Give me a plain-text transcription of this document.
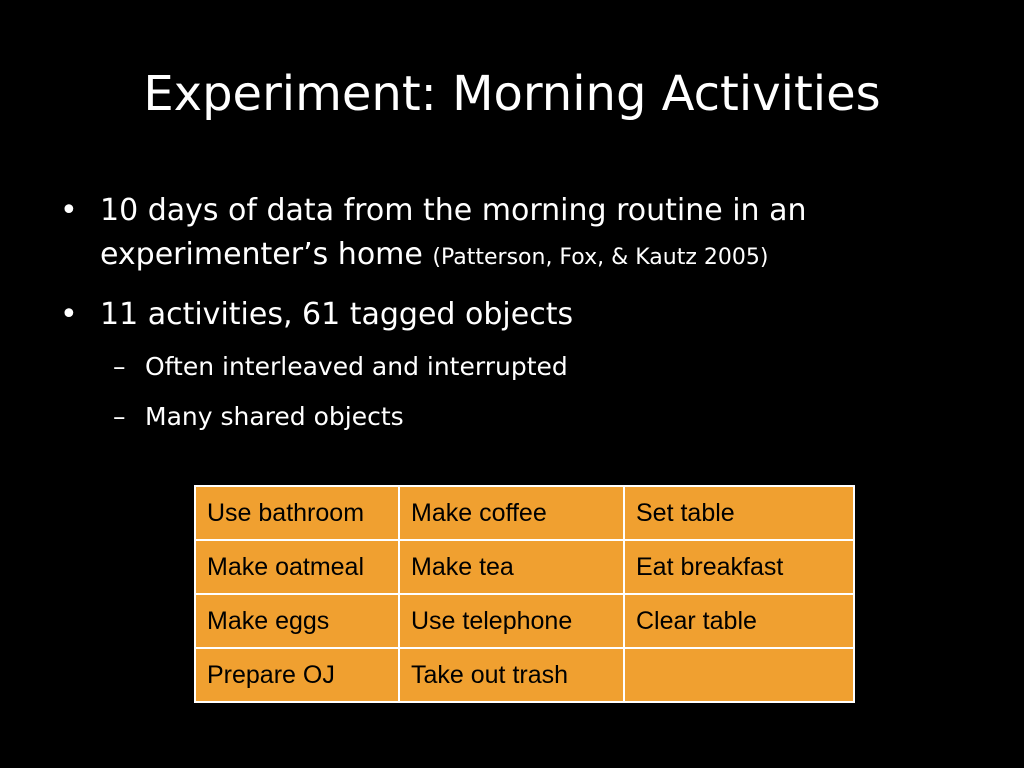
Experiment: Morning Activities
• 10 days of data from the morning routine in an experimenter’s home (Patterson, Fox, & Kautz 2005)
• 11 activities, 61 tagged objects
– Often interleaved and interrupted
– Many shared objects
Use bathroom	Make coffee	Set table
Make oatmeal	Make tea	Eat breakfast
Make eggs	Use telephone	Clear table
Prepare OJ	Take out trash	
